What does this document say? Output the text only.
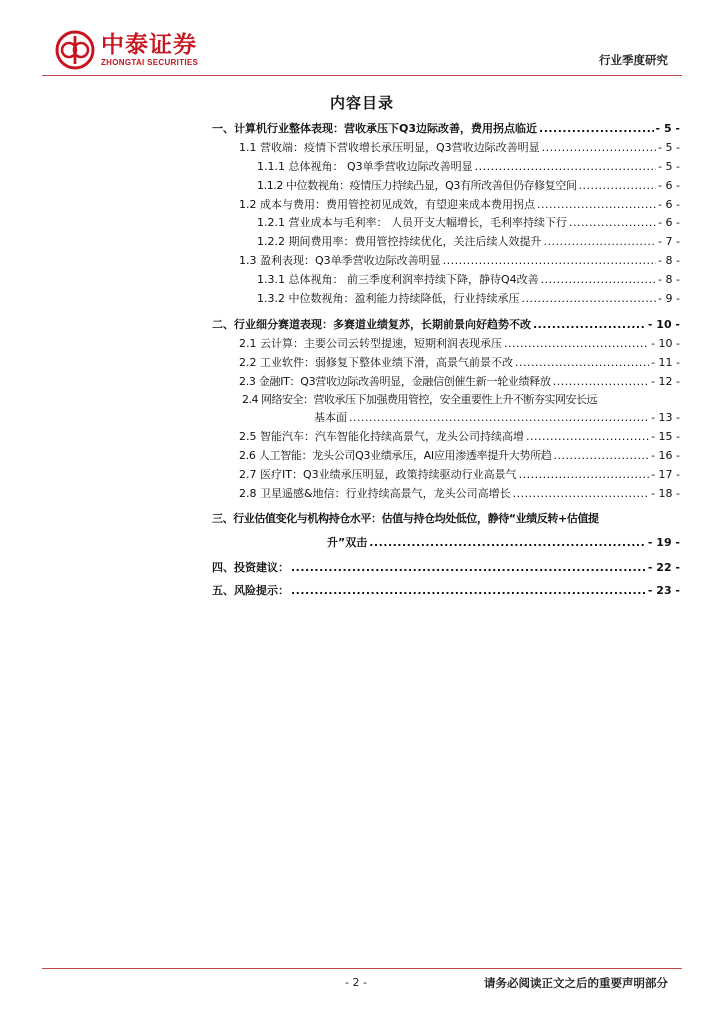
中泰证券
ZHONGTAI SECURITIES	行业季度研究
内容目录
一、计算机行业整体表现：营收承压下Q3边际改善，费用拐点临近 .....	- 5 -
1.1 营收端：疫情下营收增长承压明显，Q3营收边际改善明显 .....	- 5 -
1.1.1 总体视角： Q3单季营收边际改善明显 .....	- 5 -
1.1.2 中位数视角：疫情压力持续凸显，Q3有所改善但仍存修复空间 .....	- 6 -
1.2 成本与费用：费用管控初见成效，有望迎来成本费用拐点 .....	- 6 -
1.2.1 营业成本与毛利率： 人员开支大幅增长，毛利率持续下行 .....	- 6 -
1.2.2 期间费用率：费用管控持续优化，关注后续人效提升 .....	- 7 -
1.3 盈利表现：Q3单季营收边际改善明显 .....	- 8 -
1.3.1 总体视角： 前三季度利润率持续下降，静待Q4改善 .....	- 8 -
1.3.2 中位数视角：盈利能力持续降低，行业持续承压 .....	- 9 -
二、行业细分赛道表现：多赛道业绩复苏，长期前景向好趋势不改 .....	- 10 -
2.1 云计算：主要公司云转型提速，短期利润表现承压 .....	- 10 -
2.2 工业软件：弱修复下整体业绩下滑，高景气前景不改 .....	- 11 -
2.3 金融IT：Q3营收边际改善明显，金融信创催生新一轮业绩释放 .....	- 12 -
2.4 网络安全：营收承压下加强费用管控，安全重要性上升不断夯实网安长远
基本面 .....	- 13 -
2.5 智能汽车：汽车智能化持续高景气，龙头公司持续高增 .....	- 15 -
2.6 人工智能：龙头公司Q3业绩承压，AI应用渗透率提升大势所趋 .....	- 16 -
2.7 医疗IT：Q3业绩承压明显，政策持续驱动行业高景气 .....	- 17 -
2.8 卫星遥感&地信：行业持续高景气，龙头公司高增长 .....	- 18 -
三、行业估值变化与机构持仓水平：估值与持仓均处低位，静待“业绩反转+估值提
升”双击 .....	- 19 -
四、投资建议： .....	- 22 -
五、风险提示： .....	- 23 -
- 2 -	请务必阅读正文之后的重要声明部分
